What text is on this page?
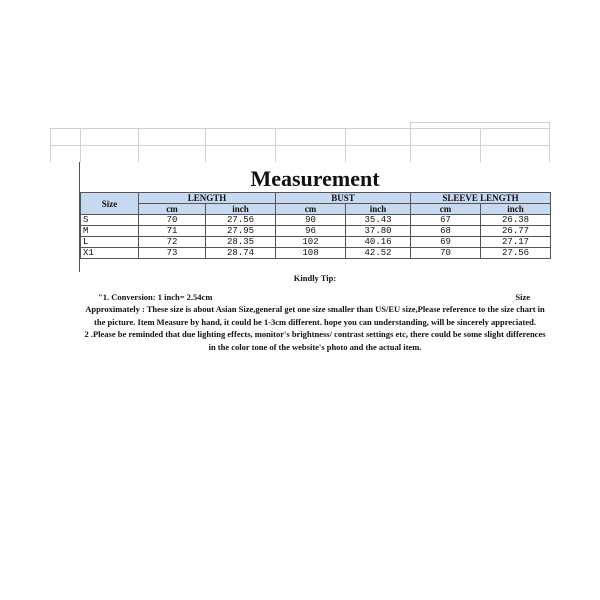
Measurement
Size	LENGTH		BUST		SLEEVE LENGTH	
	cm	inch	cm	inch	cm	inch
S	70	27.56	90	35.43	67	26.38
M	71	27.95	96	37.80	68	26.77
L	72	28.35	102	40.16	69	27.17
X1	73	28.74	108	42.52	70	27.56

Kindly Tip:

"1. Conversion: 1 inch= 2.54cm	Size

Approximately : These size is about Asian Size,general get one size smaller than US/EU size,Please reference to the size chart in the picture. Item Measure by hand, it could be 1-3cm different. hope you can understanding, will be sincerely appreciated.

2 .Please be reminded that due lighting effects, monitor's brightness/ contrast settings etc, there could be some slight differences in the color tone of the website's photo and the actual item.
